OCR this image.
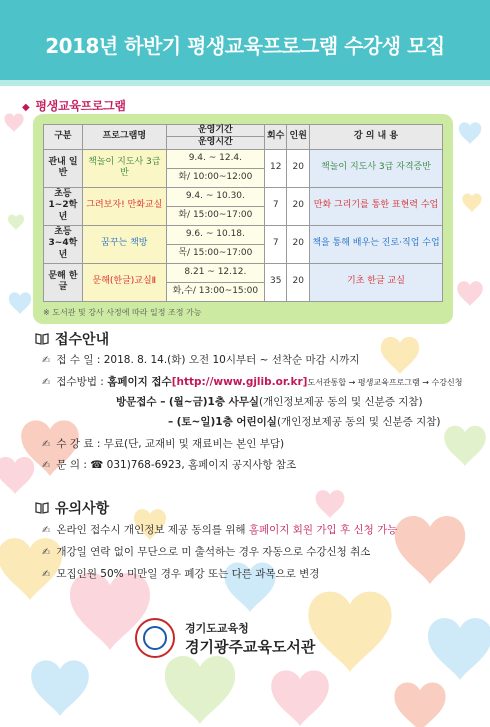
2018년 하반기 평생교육프로그램 수강생 모집
◆ 평생교육프로그램
구분	프로그램명	운영기간	회수	인원	강 의 내 용
		운영시간			
관내 일반	책놀이 지도사 3급반	9.4. ~ 12.4.	12	20	책놀이 지도사 3급 자격증반
		화/ 10:00~12:00			
초등 1~2학년	그려보자! 만화교실	9.4. ~ 10.30.	7	20	만화 그리기를 통한 표현력 수업
		화/ 15:00~17:00			
초등 3~4학년	꿈꾸는 책방	9.6. ~ 10.18.	7	20	책을 통해 배우는 진로·직업 수업
		목/ 15:00~17:00			
문해 한글	문해(한글)교실Ⅱ	8.21 ~ 12.12.	35	20	기초 한글 교실
		화,수/ 13:00~15:00			
※ 도서관 및 강사 사정에 따라 일정 조정 가능
접수안내
✍ 접 수 일 : 2018. 8. 14.(화) 오전 10시부터 ~ 선착순 마감 시까지
✍ 접수방법 : 홈페이지 접수[http://www.gjlib.or.kr]도서관통합 → 평생교육프로그램 → 수강신청
방문접수 – (월~금)1층 사무실(개인정보제공 동의 및 신분증 지참)
– (토~일)1층 어린이실(개인정보제공 동의 및 신분증 지참)
✍ 수 강 료 : 무료(단, 교재비 및 재료비는 본인 부담)
✍ 문 의 : ☎ 031)768-6923, 홈페이지 공지사항 참조
유의사항
✍ 온라인 접수시 개인정보 제공 동의를 위해 홈페이지 회원 가입 후 신청 가능
✍ 개강일 연락 없이 무단으로 미 출석하는 경우 자동으로 수강신청 취소
✍ 모집인원 50% 미만일 경우 폐강 또는 다른 과목으로 변경
경기도교육청
경기광주교육도서관
